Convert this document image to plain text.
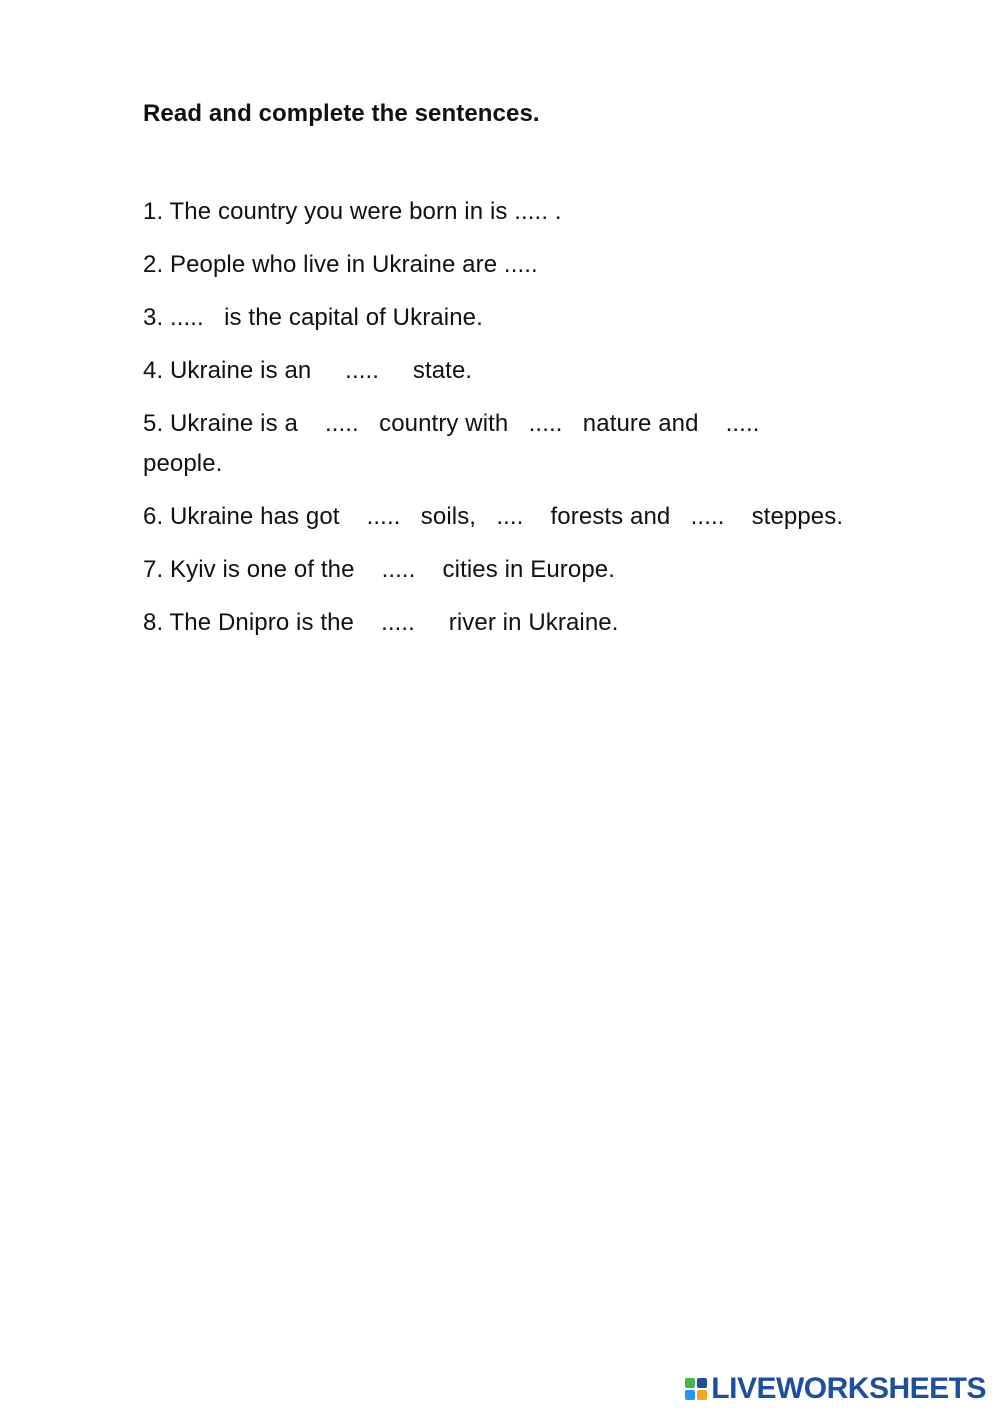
Read and complete the sentences.
1. The country you were born in is ..... .
2. People who live in Ukraine are .....
3. .....   is the capital of Ukraine.
4. Ukraine is an     .....     state.
5. Ukraine is a    .....   country with   .....   nature and    .....
people.
6. Ukraine has got    .....   soils,   ....    forests and   .....    steppes.
7. Kyiv is one of the    .....    cities in Europe.
8. The Dnipro is the    .....     river in Ukraine.
LIVEWORKSHEETS
